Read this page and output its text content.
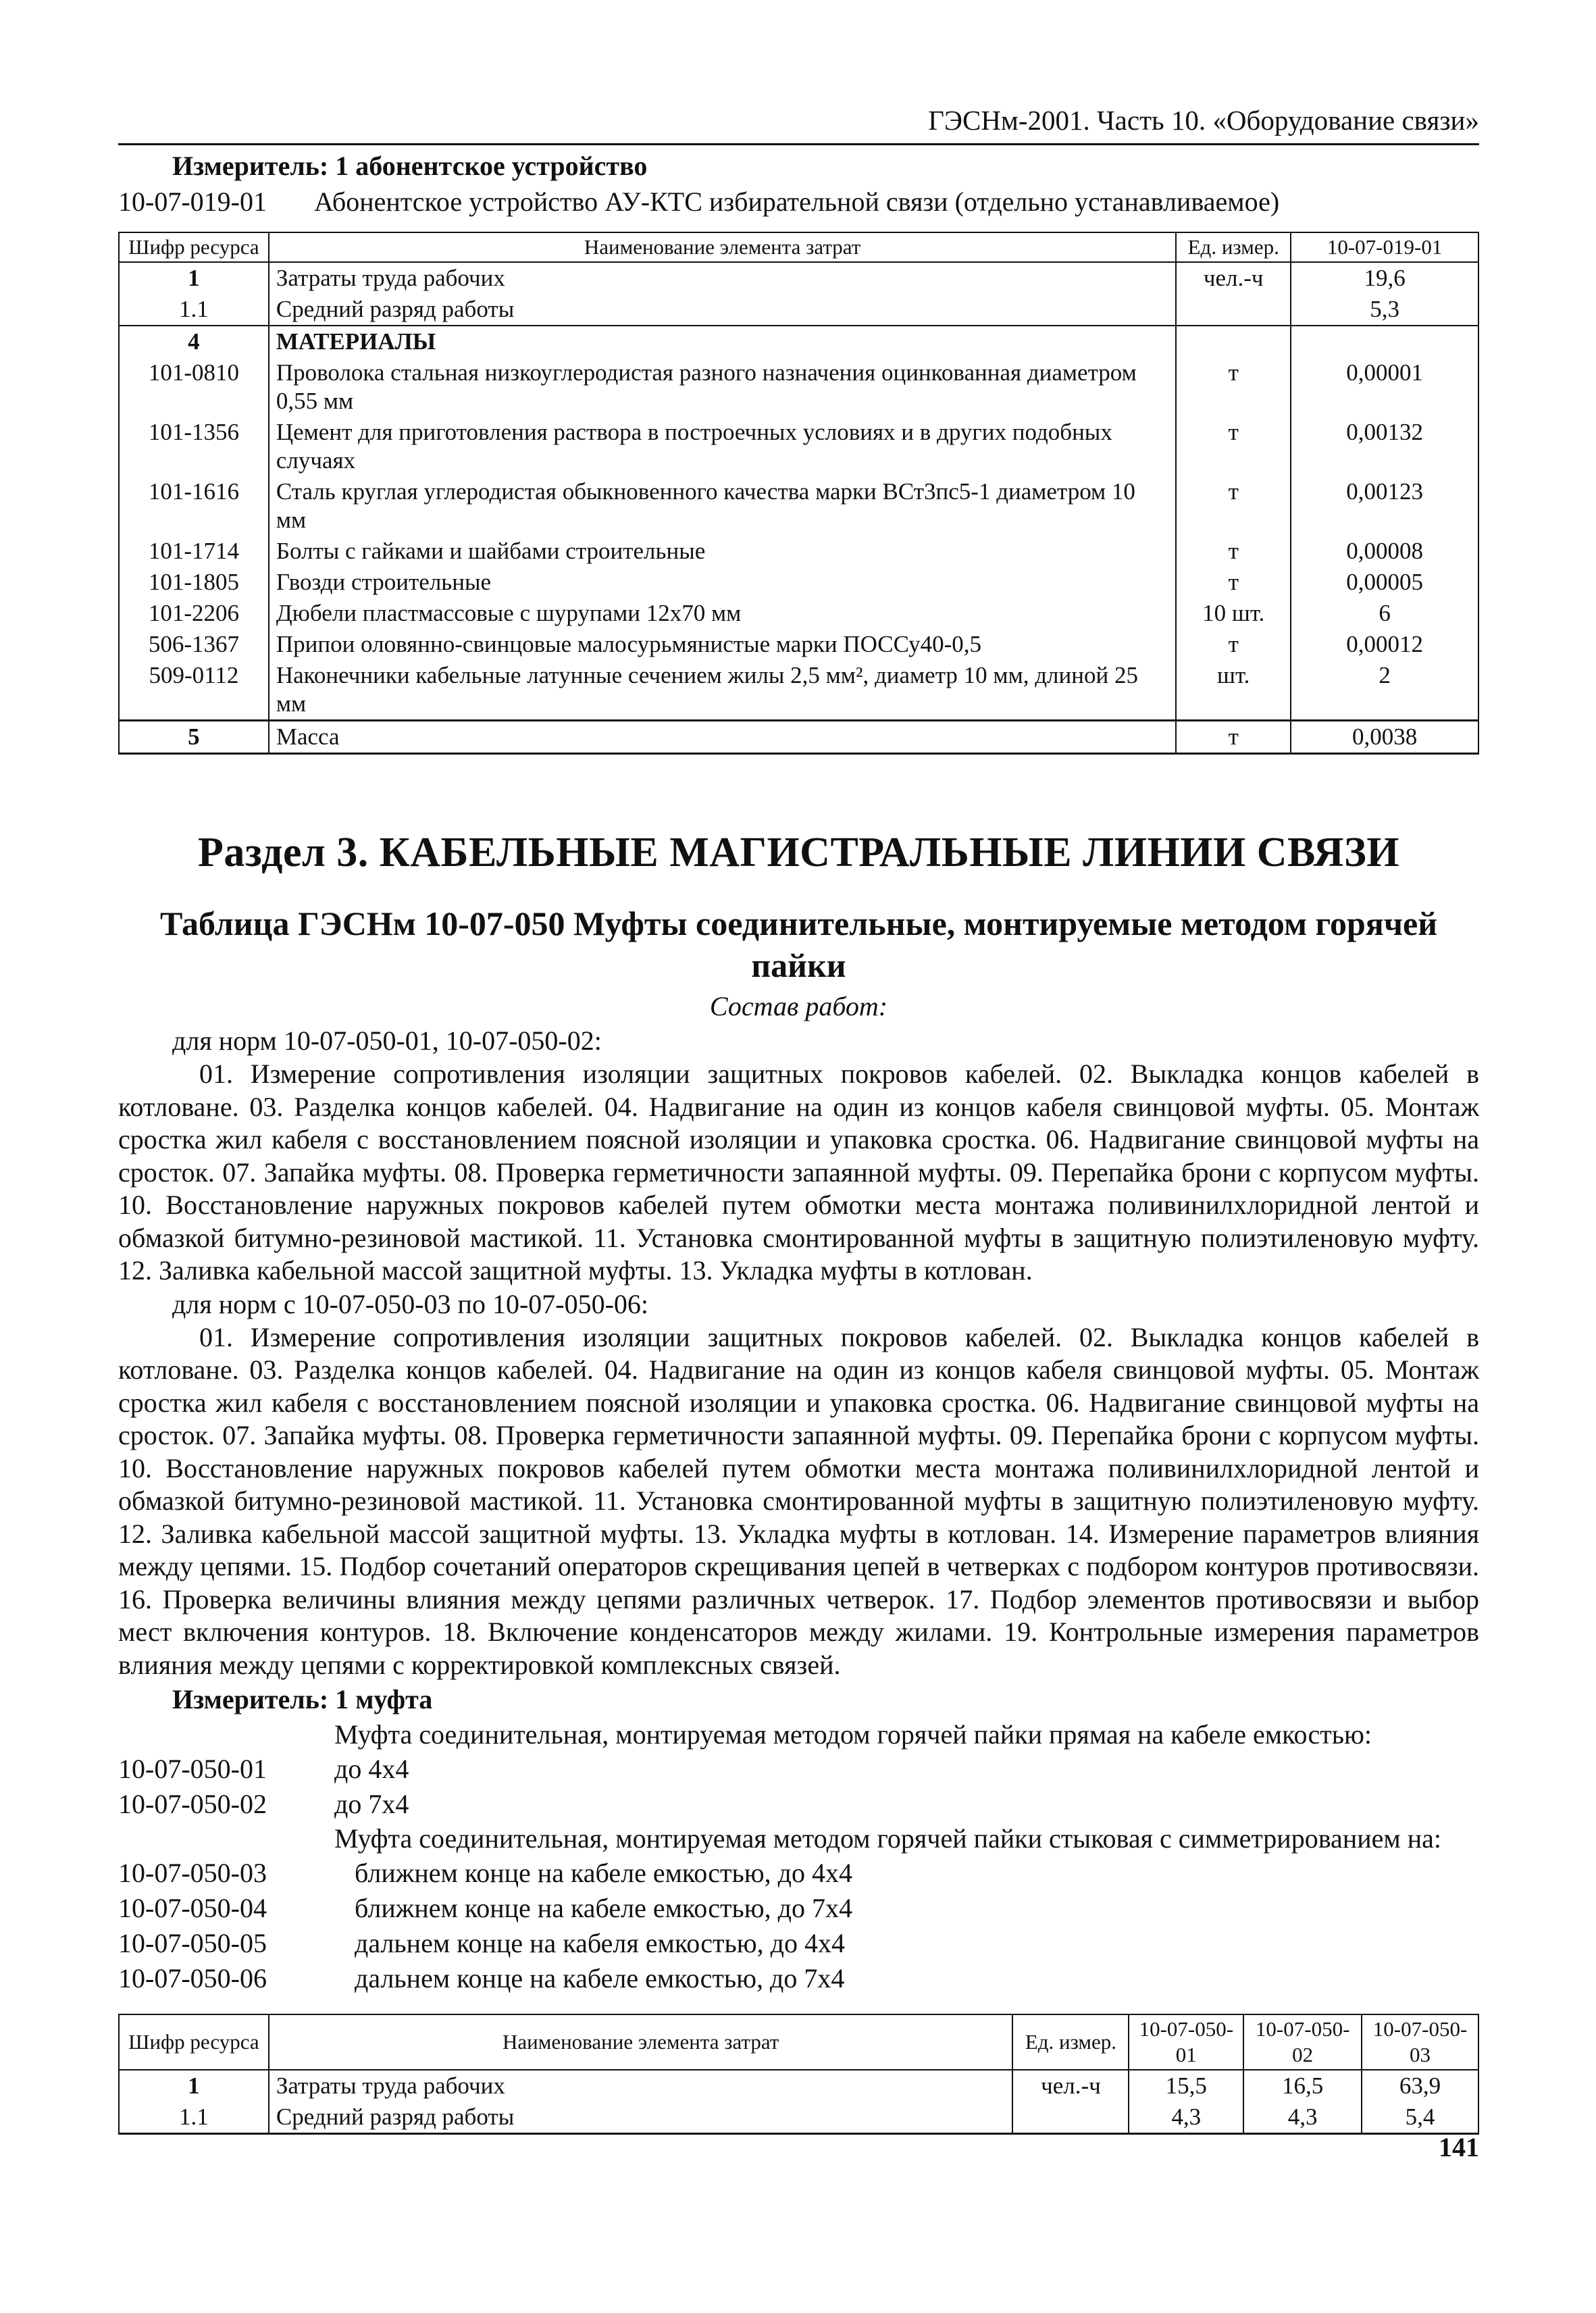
ГЭСНм-2001. Часть 10. «Оборудование связи»
Измеритель: 1 абонентское устройство
10-07-019-01	Абонентское устройство АУ-КТС избирательной связи (отдельно устанавливаемое)
Шифр ресурса	Наименование элемента затрат	Ед. измер.	10-07-019-01
1	Затраты труда рабочих	чел.-ч	19,6
1.1	Средний разряд работы		5,3
4	МАТЕРИАЛЫ		
101-0810	Проволока стальная низкоуглеродистая разного назначения оцинкованная диаметром 0,55 мм	т	0,00001
101-1356	Цемент для приготовления раствора в построечных условиях и в других подобных случаях	т	0,00132
101-1616	Сталь круглая углеродистая обыкновенного качества марки ВСт3пс5-1 диаметром 10 мм	т	0,00123
101-1714	Болты с гайками и шайбами строительные	т	0,00008
101-1805	Гвозди строительные	т	0,00005
101-2206	Дюбели пластмассовые с шурупами 12х70 мм	10 шт.	6
506-1367	Припои оловянно-свинцовые малосурьмянистые марки ПОССу40-0,5	т	0,00012
509-0112	Наконечники кабельные латунные сечением жилы 2,5 мм², диаметр 10 мм, длиной 25 мм	шт.	2
5	Масса	т	0,0038
Раздел 3. КАБЕЛЬНЫЕ МАГИСТРАЛЬНЫЕ ЛИНИИ СВЯЗИ
Таблица ГЭСНм 10-07-050 Муфты соединительные, монтируемые методом горячей
пайки
Состав работ:
для норм 10-07-050-01, 10-07-050-02:

01. Измерение сопротивления изоляции защитных покровов кабелей. 02. Выкладка концов кабелей в котловане. 03. Разделка концов кабелей. 04. Надвигание на один из концов кабеля свинцовой муфты. 05. Монтаж сростка жил кабеля с восстановлением поясной изоляции и упаковка сростка. 06. Надвигание свинцовой муфты на сросток. 07. Запайка муфты. 08. Проверка герметичности запаянной муфты. 09. Перепайка брони с корпусом муфты. 10. Восстановление наружных покровов кабелей путем обмотки места монтажа поливинилхлоридной лентой и обмазкой битумно-резиновой мастикой. 11. Установка смонтированной муфты в защитную полиэтиленовую муфту. 12. Заливка кабельной массой защитной муфты. 13. Укладка муфты в котлован.

для норм с 10-07-050-03 по 10-07-050-06:

01. Измерение сопротивления изоляции защитных покровов кабелей. 02. Выкладка концов кабелей в котловане. 03. Разделка концов кабелей. 04. Надвигание на один из концов кабеля свинцовой муфты. 05. Монтаж сростка жил кабеля с восстановлением поясной изоляции и упаковка сростка. 06. Надвигание свинцовой муфты на сросток. 07. Запайка муфты. 08. Проверка герметичности запаянной муфты. 09. Перепайка брони с корпусом муфты. 10. Восстановление наружных покровов кабелей путем обмотки места монтажа поливинилхлоридной лентой и обмазкой битумно-резиновой мастикой. 11. Установка смонтированной муфты в защитную полиэтиленовую муфту. 12. Заливка кабельной массой защитной муфты. 13. Укладка муфты в котлован. 14. Измерение параметров влияния между цепями. 15. Подбор сочетаний операторов скрещивания цепей в четверках с подбором контуров противосвязи. 16. Проверка величины влияния между цепями различных четверок. 17. Подбор элементов противосвязи и выбор мест включения контуров. 18. Включение конденсаторов между жилами. 19. Контрольные измерения параметров влияния между цепями с корректировкой комплексных связей.

Измеритель: 1 муфта
Муфта соединительная, монтируемая методом горячей пайки прямая на кабеле емкостью:
10-07-050-01	до 4х4
10-07-050-02	до 7х4
Муфта соединительная, монтируемая методом горячей пайки стыковая с симметрированием на:
10-07-050-03	ближнем конце на кабеле емкостью, до 4х4
10-07-050-04	ближнем конце на кабеле емкостью, до 7х4
10-07-050-05	дальнем конце на кабеля емкостью, до 4х4
10-07-050-06	дальнем конце на кабеле емкостью, до 7х4
Шифр ресурса	Наименование элемента затрат	Ед. измер.	10-07-050-01	10-07-050-02	10-07-050-03
1	Затраты труда рабочих	чел.-ч	15,5	16,5	63,9
1.1	Средний разряд работы		4,3	4,3	5,4
141
